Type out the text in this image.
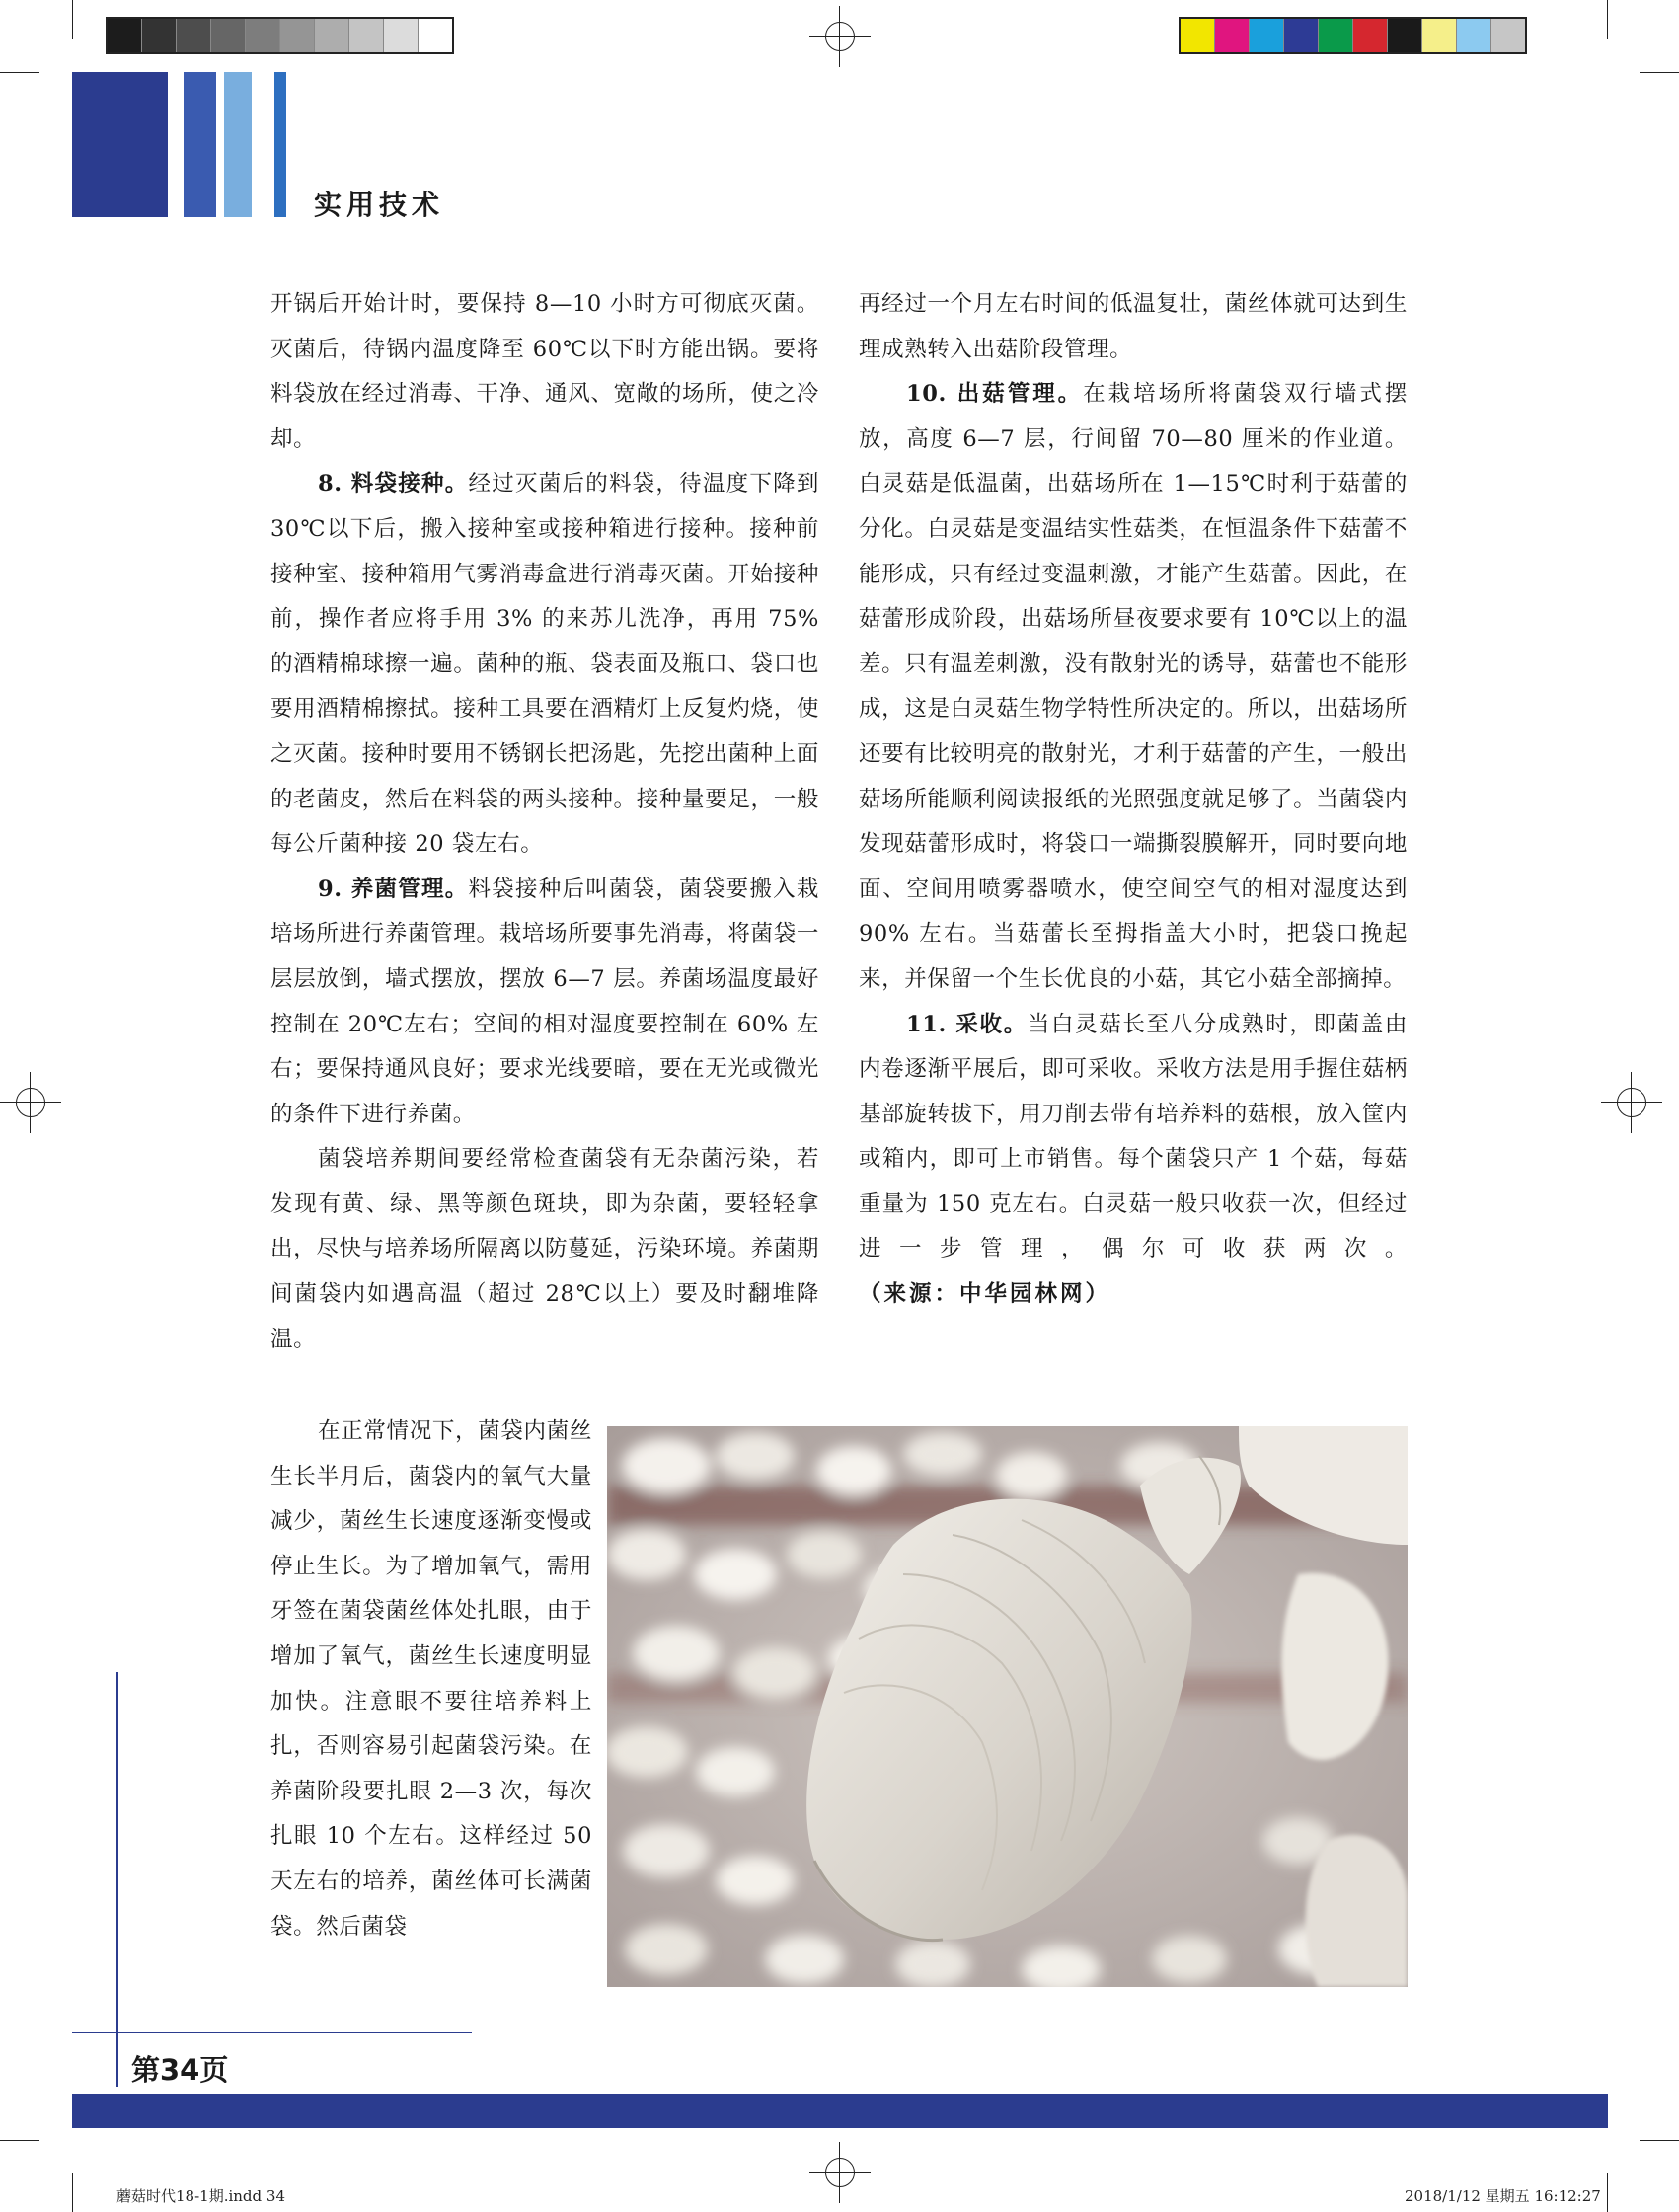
实用技术

开锅后开始计时，要保持 8—10 小时方可彻底灭菌。灭菌后，待锅内温度降至 60℃以下时方能出锅。要将料袋放在经过消毒、干净、通风、宽敞的场所，使之冷却。

8. 料袋接种。经过灭菌后的料袋，待温度下降到 30℃以下后，搬入接种室或接种箱进行接种。接种前接种室、接种箱用气雾消毒盒进行消毒灭菌。开始接种前，操作者应将手用 3% 的来苏儿洗净，再用 75% 的酒精棉球擦一遍。菌种的瓶、袋表面及瓶口、袋口也要用酒精棉擦拭。接种工具要在酒精灯上反复灼烧，使之灭菌。接种时要用不锈钢长把汤匙，先挖出菌种上面的老菌皮，然后在料袋的两头接种。接种量要足，一般每公斤菌种接 20 袋左右。

9. 养菌管理。料袋接种后叫菌袋，菌袋要搬入栽培场所进行养菌管理。栽培场所要事先消毒，将菌袋一层层放倒，墙式摆放，摆放 6—7 层。养菌场温度最好控制在 20℃左右；空间的相对湿度要控制在 60% 左右；要保持通风良好；要求光线要暗，要在无光或微光的条件下进行养菌。

菌袋培养期间要经常检查菌袋有无杂菌污染，若发现有黄、绿、黑等颜色斑块，即为杂菌，要轻轻拿出，尽快与培养场所隔离以防蔓延，污染环境。养菌期间菌袋内如遇高温（超过 28℃以上）要及时翻堆降温。

在正常情况下，菌袋内菌丝生长半月后，菌袋内的氧气大量减少，菌丝生长速度逐渐变慢或停止生长。为了增加氧气，需用牙签在菌袋菌丝体处扎眼，由于增加了氧气，菌丝生长速度明显加快。注意眼不要往培养料上扎，否则容易引起菌袋污染。在养菌阶段要扎眼 2—3 次，每次扎眼 10 个左右。这样经过 50 天左右的培养，菌丝体可长满菌袋。然后菌袋

再经过一个月左右时间的低温复壮，菌丝体就可达到生理成熟转入出菇阶段管理。

10. 出菇管理。在栽培场所将菌袋双行墙式摆放，高度 6—7 层，行间留 70—80 厘米的作业道。白灵菇是低温菌，出菇场所在 1—15℃时利于菇蕾的分化。白灵菇是变温结实性菇类，在恒温条件下菇蕾不能形成，只有经过变温刺激，才能产生菇蕾。因此，在菇蕾形成阶段，出菇场所昼夜要求要有 10℃以上的温差。只有温差刺激，没有散射光的诱导，菇蕾也不能形成，这是白灵菇生物学特性所决定的。所以，出菇场所还要有比较明亮的散射光，才利于菇蕾的产生，一般出菇场所能顺利阅读报纸的光照强度就足够了。当菌袋内发现菇蕾形成时，将袋口一端撕裂膜解开，同时要向地面、空间用喷雾器喷水，使空间空气的相对湿度达到 90% 左右。当菇蕾长至拇指盖大小时，把袋口挽起来，并保留一个生长优良的小菇，其它小菇全部摘掉。

11. 采收。当白灵菇长至八分成熟时，即菌盖由内卷逐渐平展后，即可采收。采收方法是用手握住菇柄基部旋转拔下，用刀削去带有培养料的菇根，放入筐内或箱内，即可上市销售。每个菌袋只产 1 个菇，每菇重量为 150 克左右。白灵菇一般只收获一次，但经过进一步管理，偶尔可收获两次。（来源：中华园林网）

第34页
蘑菇时代18-1期.indd 34	2018/1/12 星期五 16:12:27
